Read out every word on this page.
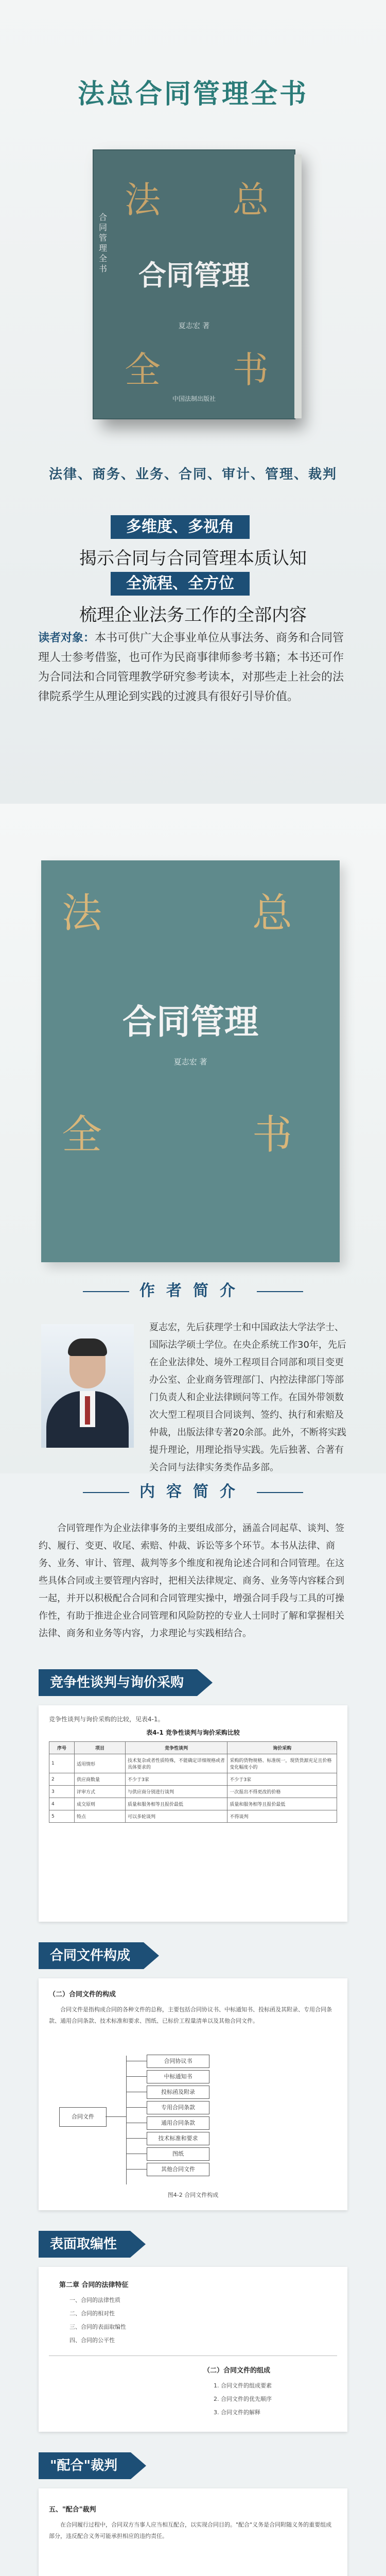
法总合同管理全书
合同管理全书
法 总
合同管理
夏志宏 著
全 书
中国法制出版社
法律、商务、业务、合同、审计、管理、裁判
多维度、多视角
揭示合同与合同管理本质认知
全流程、全方位
梳理企业法务工作的全部内容
读者对象：本书可供广大企事业单位从事法务、商务和合同管理人士参考借鉴，也可作为民商事律师参考书籍；本书还可作为合同法和合同管理教学研究参考读本，对那些走上社会的法律院系学生从理论到实践的过渡具有很好引导价值。
法	总
合同管理
夏志宏 著
全	书
作者简介
夏志宏，先后获理学士和中国政法大学法学士、国际法学硕士学位。在央企系统工作30年，先后在企业法律处、境外工程项目合同部和项目变更办公室、企业商务管理部门、内控法律部门等部门负责人和企业法律顾问等工作。在国外带领数次大型工程项目合同谈判、签约、执行和索赔及仲裁，出版法律专著20余部。此外，不断将实践提升理论，用理论指导实践。先后独著、合著有关合同与法律实务类作品多部。
内容简介
合同管理作为企业法律事务的主要组成部分，涵盖合同起草、谈判、签约、履行、变更、收尾、索赔、仲裁、诉讼等多个环节。本书从法律、商务、业务、审计、管理、裁判等多个维度和视角论述合同和合同管理。在这些具体合同或主要管理内容时，把相关法律规定、商务、业务等内容糅合到一起，并开以积极配合合同和合同管理实操中，增强合同手段与工具的可操作性，有助于推进企业合同管理和风险防控的专业人士同时了解和掌握相关法律、商务和业务等内容，力求理论与实践相结合。
竞争性谈判与询价采购
竞争性谈判与询价采购的比较，见表4-1。
表4-1 竞争性谈判与询价采购比较
序号	项目	竞争性谈判	询价采购
1	适用情形	技术复杂或者性质特殊，不能确定详细规格或者具体要求的	采购的货物规格、标准统一，现货货源充足且价格变化幅度小的
2	供应商数量	不少于3家	不少于3家
3	评审方式	与供应商分别进行谈判	一次报出不得更改的价格
4	成交原则	质量和服务相等且报价最低	质量和服务相等且报价最低
5	特点	可以多轮谈判	不得谈判
合同文件构成
（二）合同文件的构成
合同文件是指构成合同的各种文件的总称，主要包括合同协议书、中标通知书、投标函及其附录、专用合同条款、通用合同条款、技术标准和要求、图纸、已标价工程量清单以及其他合同文件。
合同文件
合同协议书
中标通知书
投标函及附录
专用合同条款
通用合同条款
技术标准和要求
图纸
其他合同文件
图4-2 合同文件构成
表面取编性
第二章 合同的法律特征
一、合同的法律性质
二、合同的相对性
三、合同的表面取编性
四、合同的公平性
（二）合同文件的组成
1. 合同文件的组成要素
2. 合同文件的优先顺序
3. 合同文件的解释
"配合"裁判
五、"配合"裁判
在合同履行过程中，合同双方当事人应当相互配合，以实现合同目的。"配合"义务是合同附随义务的重要组成部分，违反配合义务可能承担相应的违约责任。
